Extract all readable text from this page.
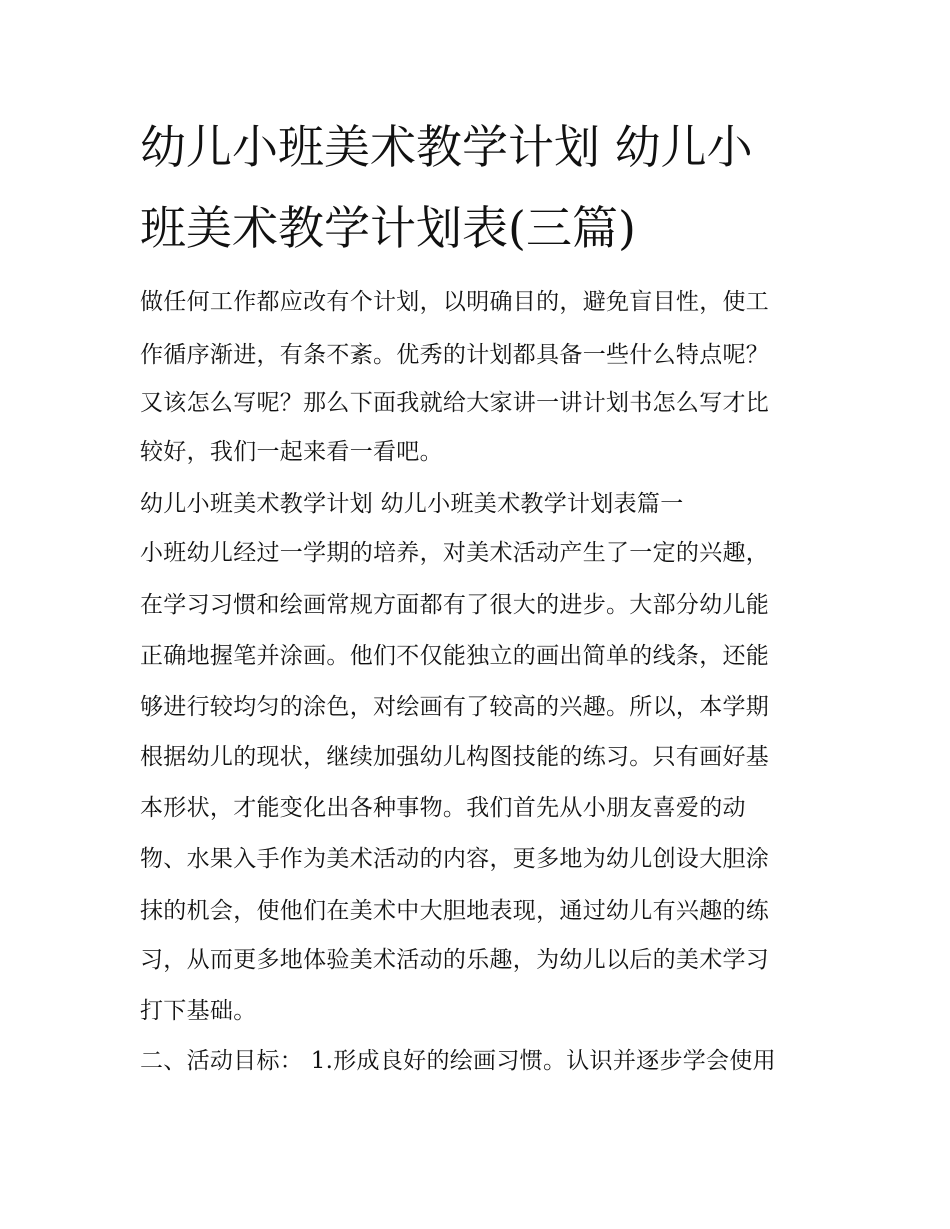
幼儿小班美术教学计划 幼儿小
班美术教学计划表(三篇)
做任何工作都应改有个计划，以明确目的，避免盲目性，使工
作循序渐进，有条不紊。优秀的计划都具备一些什么特点呢？
又该怎么写呢？那么下面我就给大家讲一讲计划书怎么写才比
较好，我们一起来看一看吧。
幼儿小班美术教学计划 幼儿小班美术教学计划表篇一
小班幼儿经过一学期的培养，对美术活动产生了一定的兴趣，
在学习习惯和绘画常规方面都有了很大的进步。大部分幼儿能
正确地握笔并涂画。他们不仅能独立的画出简单的线条，还能
够进行较均匀的涂色，对绘画有了较高的兴趣。所以，本学期
根据幼儿的现状，继续加强幼儿构图技能的练习。只有画好基
本形状，才能变化出各种事物。我们首先从小朋友喜爱的动
物、水果入手作为美术活动的内容，更多地为幼儿创设大胆涂
抹的机会，使他们在美术中大胆地表现，通过幼儿有兴趣的练
习，从而更多地体验美术活动的乐趣，为幼儿以后的美术学习
打下基础。
二、活动目标： 1.形成良好的绘画习惯。认识并逐步学会使用
